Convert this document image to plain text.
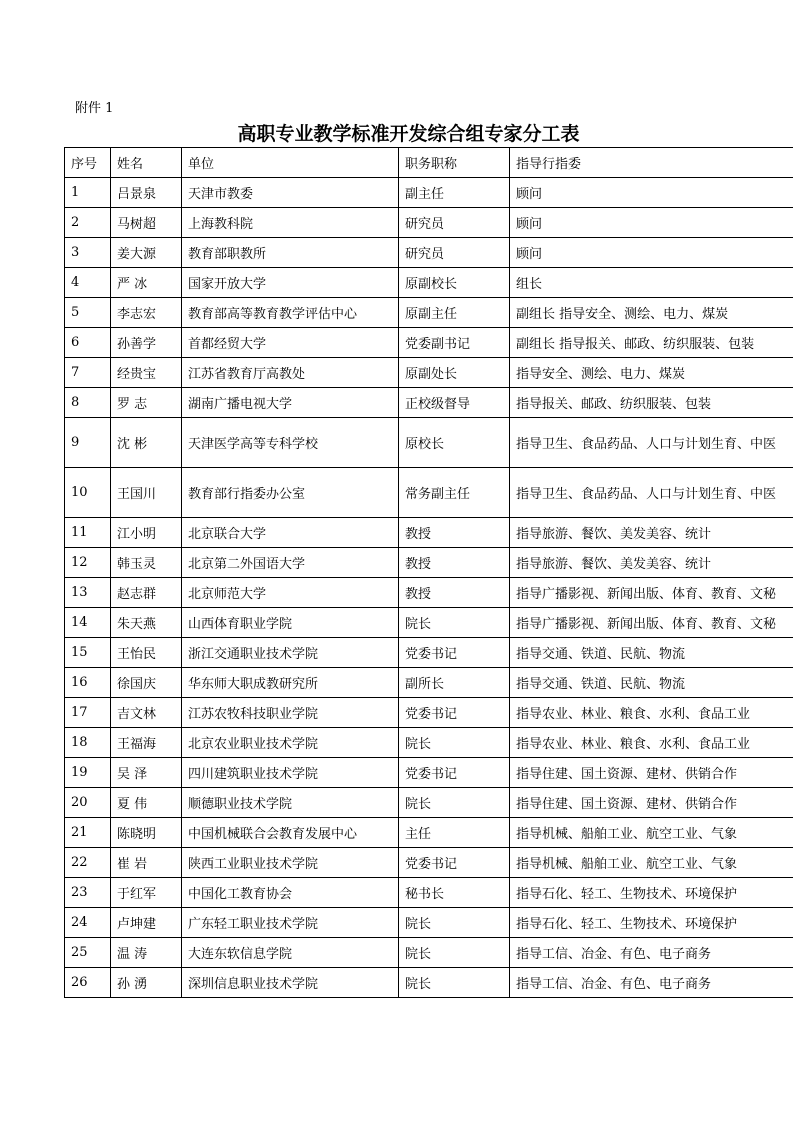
附件 1
高职专业教学标准开发综合组专家分工表
序号	姓名	单位	职务职称	指导行指委
1	吕景泉	天津市教委	副主任	顾问
2	马树超	上海教科院	研究员	顾问
3	姜大源	教育部职教所	研究员	顾问
4	严 冰	国家开放大学	原副校长	组长
5	李志宏	教育部高等教育教学评估中心	原副主任	副组长 指导安全、测绘、电力、煤炭
6	孙善学	首都经贸大学	党委副书记	副组长 指导报关、邮政、纺织服装、包装
7	经贵宝	江苏省教育厅高教处	原副处长	指导安全、测绘、电力、煤炭
8	罗 志	湖南广播电视大学	正校级督导	指导报关、邮政、纺织服装、包装
9	沈 彬	天津医学高等专科学校	原校长	指导卫生、食品药品、人口与计划生育、中医
10	王国川	教育部行指委办公室	常务副主任	指导卫生、食品药品、人口与计划生育、中医
11	江小明	北京联合大学	教授	指导旅游、餐饮、美发美容、统计
12	韩玉灵	北京第二外国语大学	教授	指导旅游、餐饮、美发美容、统计
13	赵志群	北京师范大学	教授	指导广播影视、新闻出版、体育、教育、文秘
14	朱天燕	山西体育职业学院	院长	指导广播影视、新闻出版、体育、教育、文秘
15	王怡民	浙江交通职业技术学院	党委书记	指导交通、铁道、民航、物流
16	徐国庆	华东师大职成教研究所	副所长	指导交通、铁道、民航、物流
17	吉文林	江苏农牧科技职业学院	党委书记	指导农业、林业、粮食、水利、食品工业
18	王福海	北京农业职业技术学院	院长	指导农业、林业、粮食、水利、食品工业
19	吴 泽	四川建筑职业技术学院	党委书记	指导住建、国土资源、建材、供销合作
20	夏 伟	顺德职业技术学院	院长	指导住建、国土资源、建材、供销合作
21	陈晓明	中国机械联合会教育发展中心	主任	指导机械、船舶工业、航空工业、气象
22	崔 岩	陕西工业职业技术学院	党委书记	指导机械、船舶工业、航空工业、气象
23	于红军	中国化工教育协会	秘书长	指导石化、轻工、生物技术、环境保护
24	卢坤建	广东轻工职业技术学院	院长	指导石化、轻工、生物技术、环境保护
25	温 涛	大连东软信息学院	院长	指导工信、冶金、有色、电子商务
26	孙 湧	深圳信息职业技术学院	院长	指导工信、冶金、有色、电子商务
